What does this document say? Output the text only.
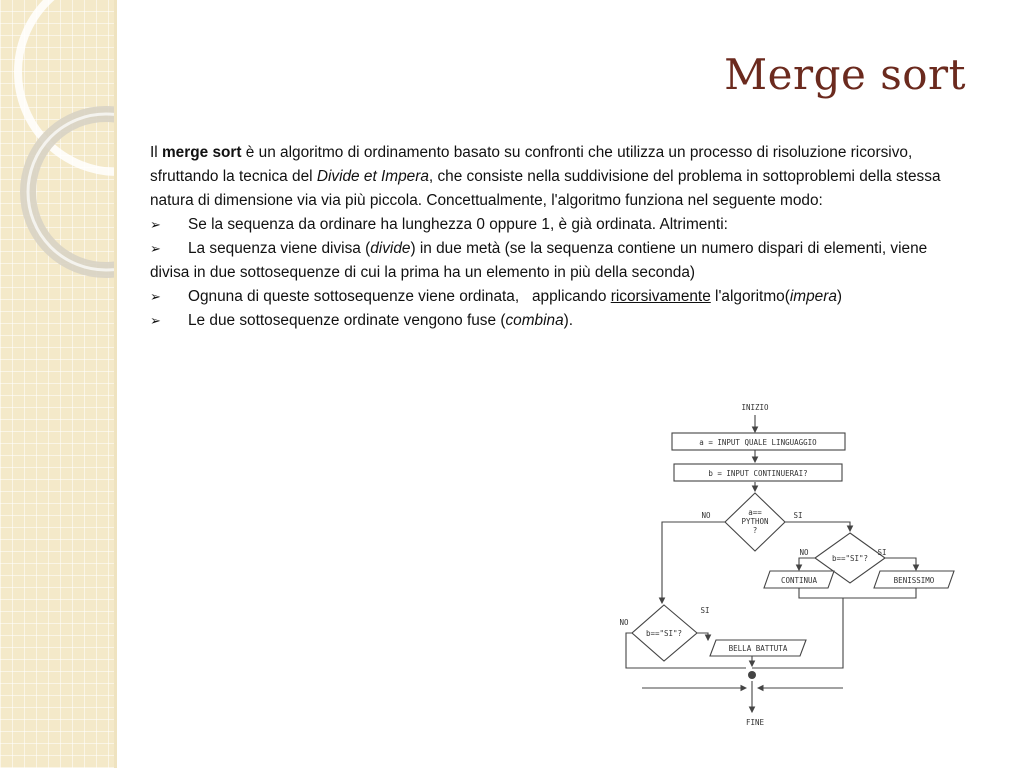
Merge sort

Il merge sort è un algoritmo di ordinamento basato su confronti che utilizza un processo di risoluzione ricorsivo, sfruttando la tecnica del Divide et Impera, che consiste nella suddivisione del problema in sottoproblemi della stessa natura di dimensione via via più piccola. Concettualmente, l'algoritmo funziona nel seguente modo:

➢ Se la sequenza da ordinare ha lunghezza 0 oppure 1, è già ordinata. Altrimenti:

➢ La sequenza viene divisa (divide) in due metà (se la sequenza contiene un numero dispari di elementi, viene divisa in due sottosequenze di cui la prima ha un elemento in più della seconda)

➢ Ognuna di queste sottosequenze viene ordinata,   applicando ricorsivamente l'algoritmo(impera)

➢ Le due sottosequenze ordinate vengono fuse (combina).

INIZIO
a = INPUT QUALE LINGUAGGIO
b = INPUT CONTINUERAI?
a==
PYTHON
?
NO	SI
b=="SI"?
NO	SI
CONTINUA	BENISSIMO
b=="SI"?
NO
SI
BELLA BATTUTA
FINE
